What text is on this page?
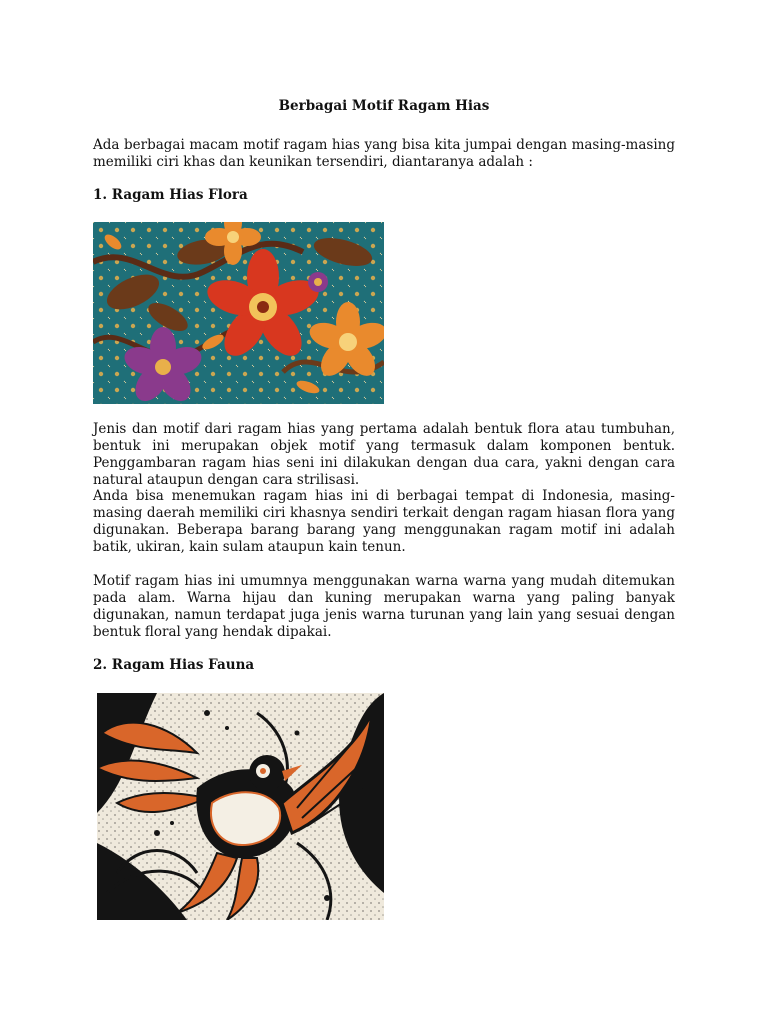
Berbagai Motif Ragam Hias

Ada berbagai macam motif ragam hias yang bisa kita jumpai dengan masing-masing memiliki ciri khas dan keunikan tersendiri, diantaranya adalah :

1. Ragam Hias Flora

Jenis dan motif dari ragam hias yang pertama adalah bentuk flora atau tumbuhan, bentuk ini merupakan objek motif yang termasuk dalam komponen bentuk. Penggambaran ragam hias seni ini dilakukan dengan dua cara, yakni dengan cara natural ataupun dengan cara strilisasi.

Anda bisa menemukan ragam hias ini di berbagai tempat di Indonesia, masing-masing daerah memiliki ciri khasnya sendiri terkait dengan ragam hiasan flora yang digunakan. Beberapa barang barang yang menggunakan ragam motif ini adalah batik, ukiran, kain sulam ataupun kain tenun.

Motif ragam hias ini umumnya menggunakan warna warna yang mudah ditemukan pada alam. Warna hijau dan kuning merupakan warna yang paling banyak digunakan, namun terdapat juga jenis warna turunan yang lain yang sesuai dengan bentuk floral yang hendak dipakai.

2. Ragam Hias Fauna
